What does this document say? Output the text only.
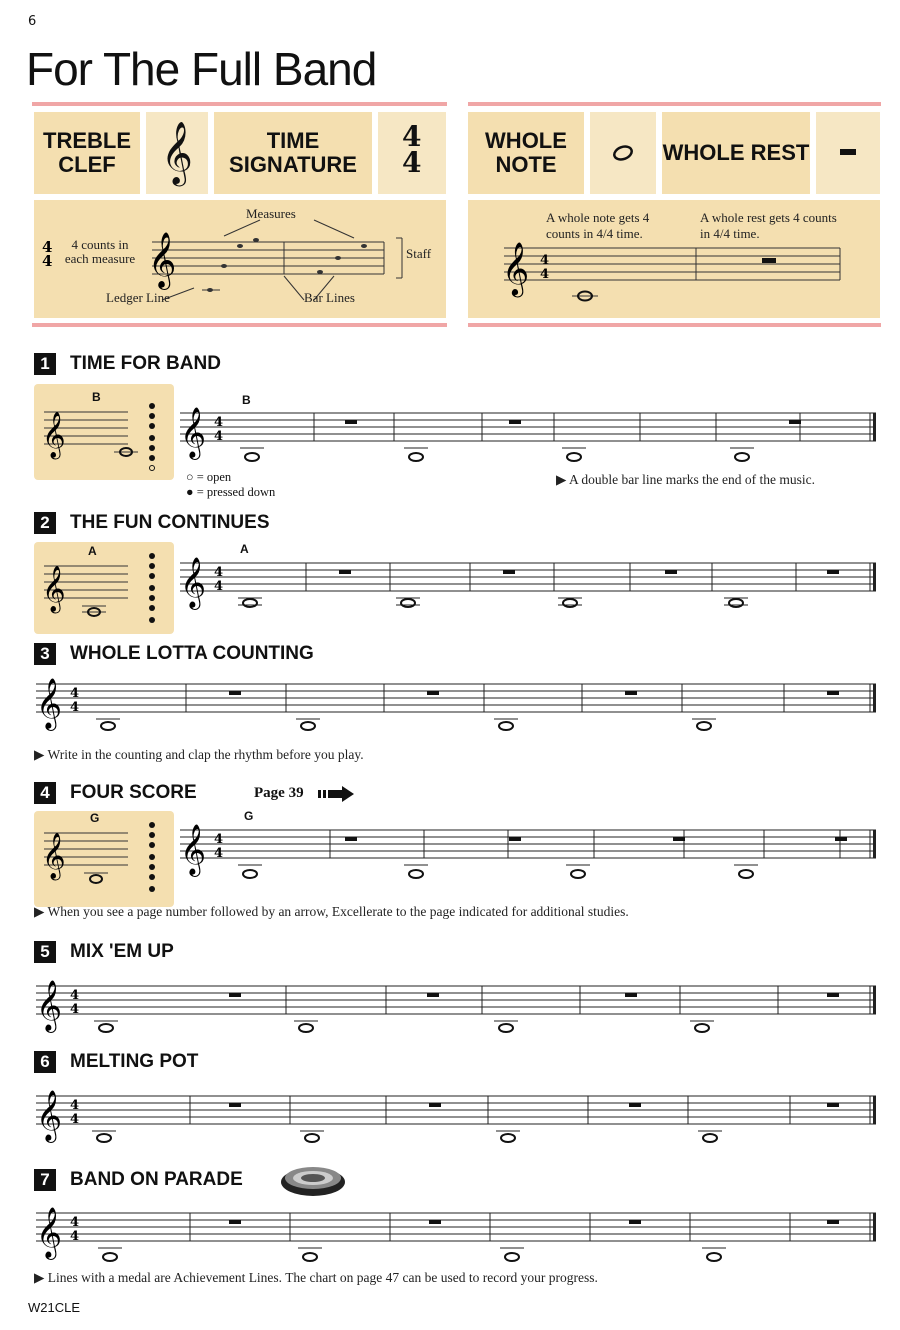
6
For The Full Band
TREBLE CLEF 𝄞	TIME SIGNATURE
4
4
WHOLE NOTE	WHOLE REST
4
4 𝄞
4 counts in each measure
Measures
Staff
Ledger Line	Bar Lines
𝄞 4
4
A whole note gets 4 counts in 4/4 time.
A whole rest gets 4 counts in 4/4 time.
1	TIME FOR BAND
2	THE FUN CONTINUES
3	WHOLE LOTTA COUNTING
4	FOUR SCORE	Page 39
5	MIX 'EM UP
6	MELTING POT
7	BAND ON PARADE
𝄞
B
○ = open
● = pressed down
𝄞
A
𝄞
G
𝄞 4
4
𝄞 4
4
𝄞 4
4
𝄞 4
4
𝄞 4
4
𝄞 4
4
𝄞 4
4
▶ A double bar line marks the end of the music.
▶ Write in the counting and clap the rhythm before you play.
▶ When you see a page number followed by an arrow, Excellerate to the page indicated for additional studies.
▶ Lines with a medal are Achievement Lines. The chart on page 47 can be used to record your progress.
W21CLE
B
A
G
